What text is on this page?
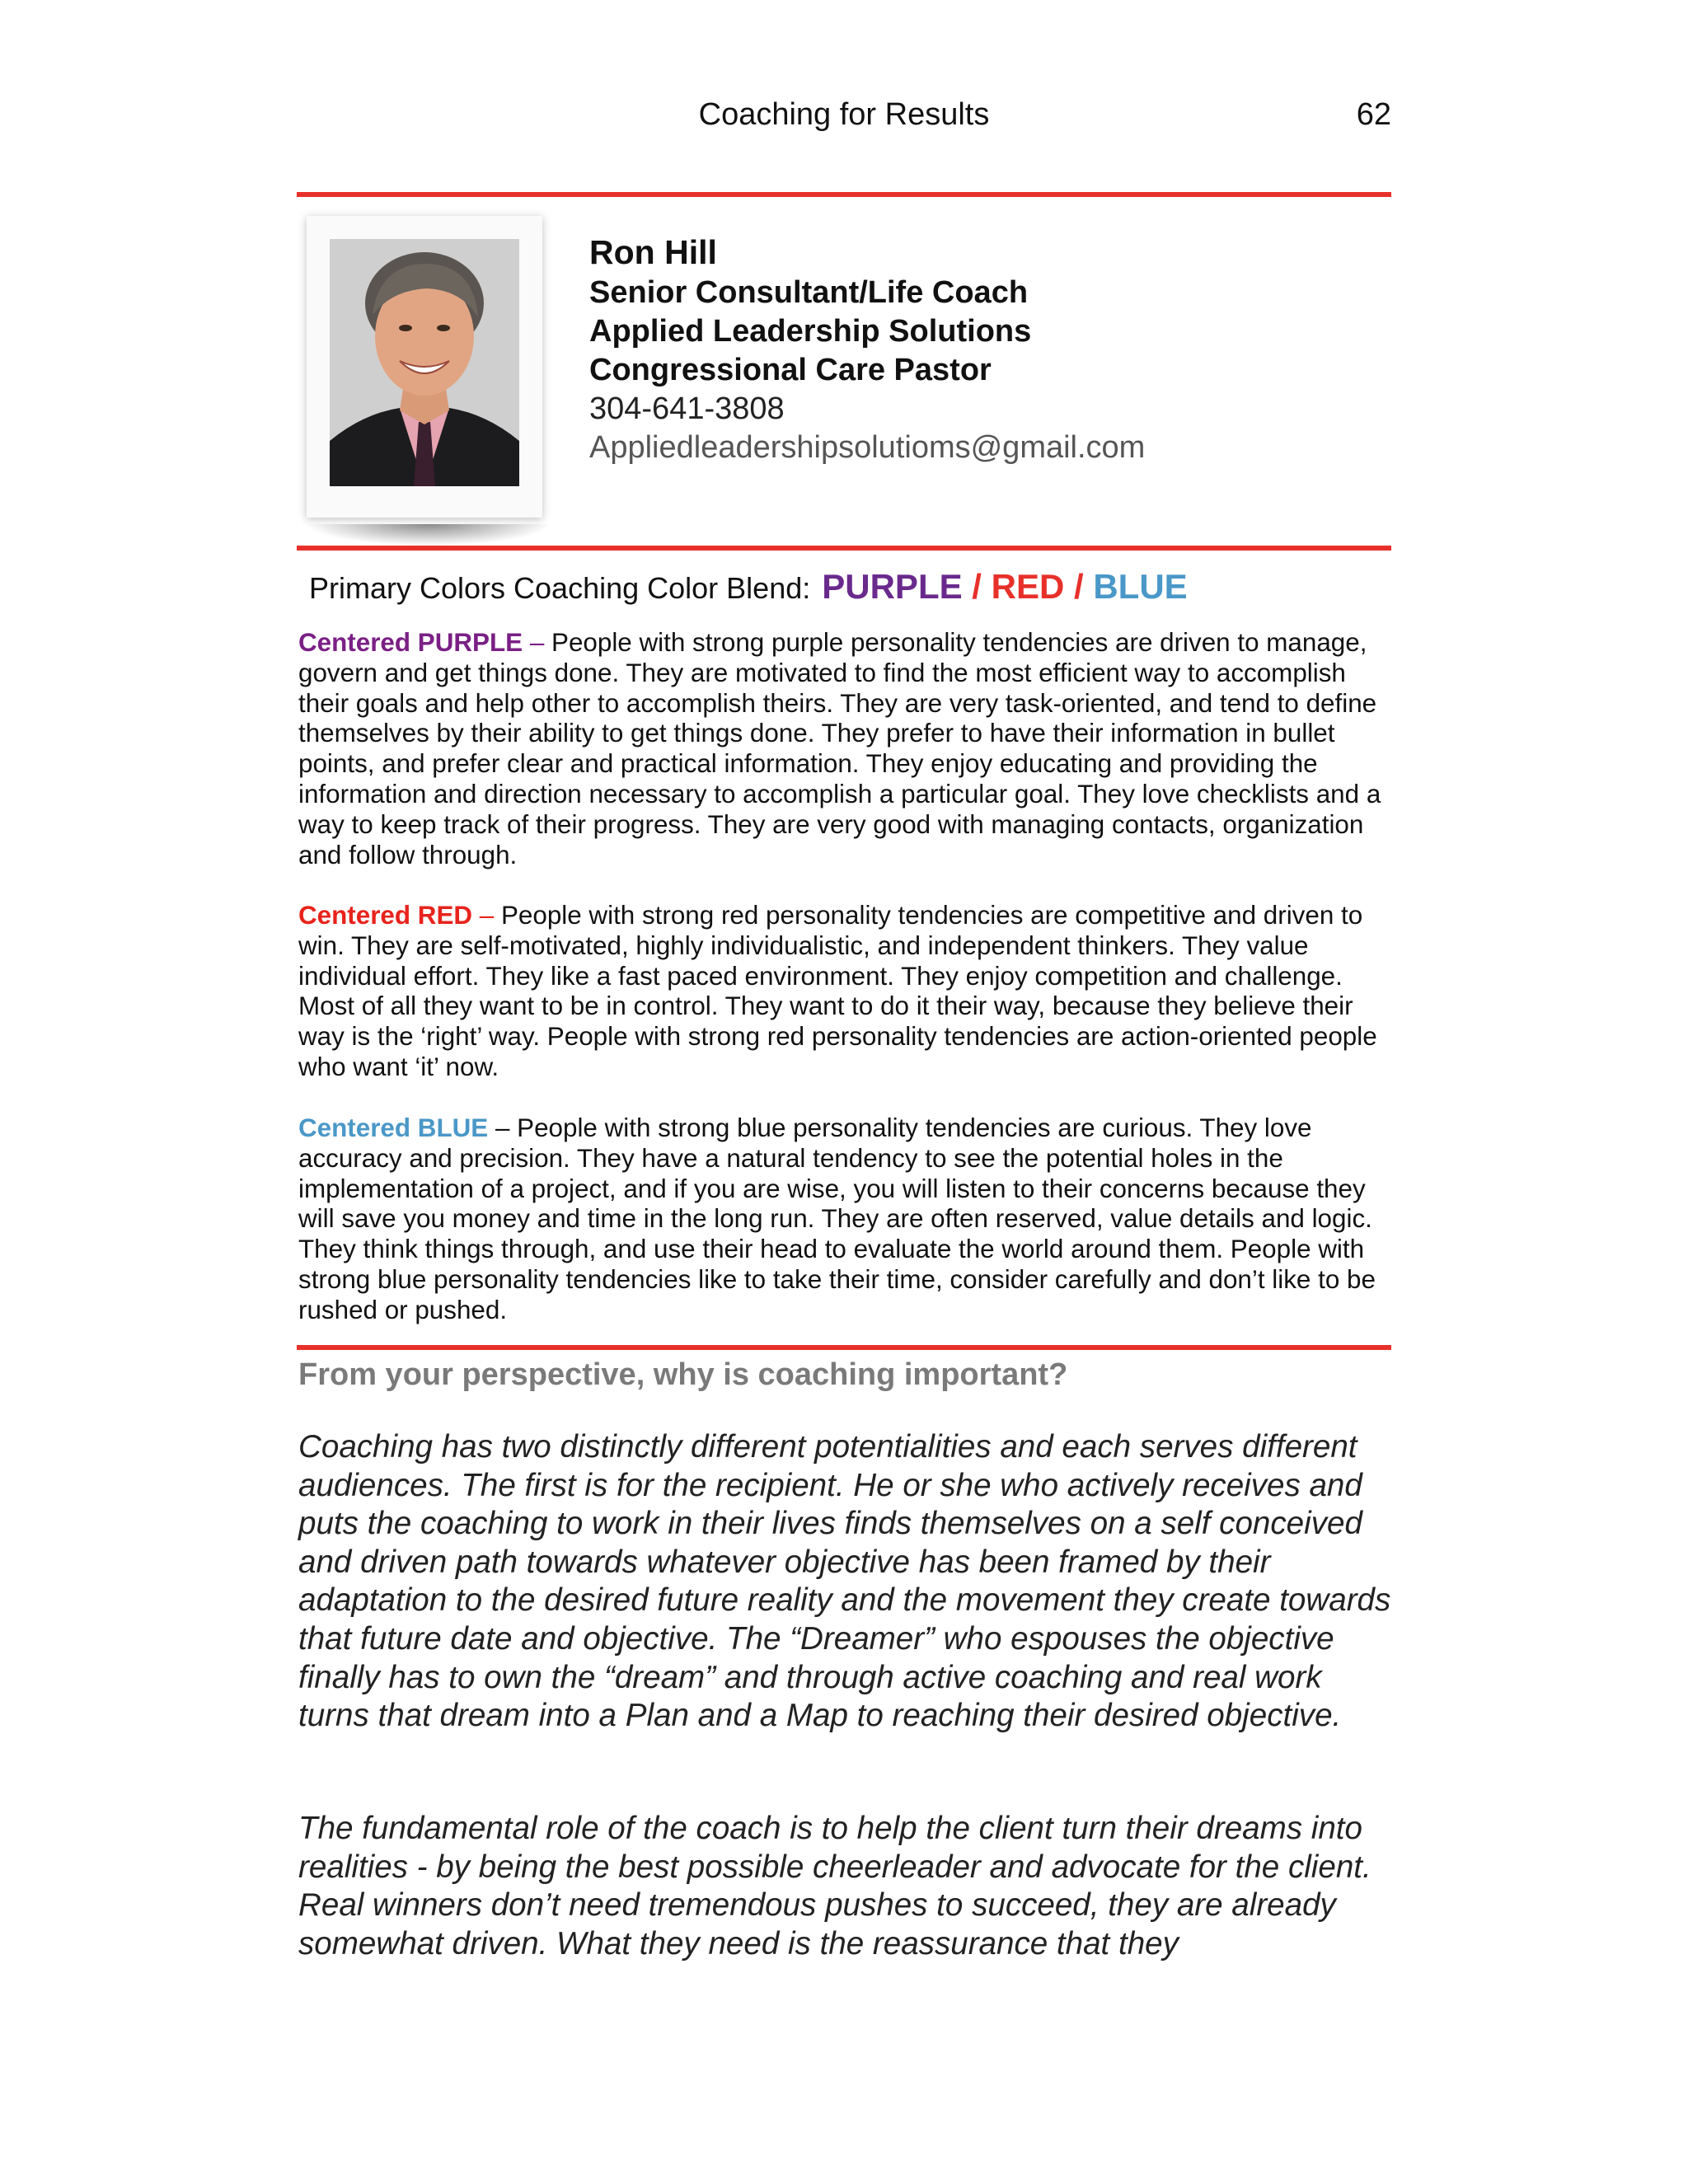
Coaching for Results	62
Ron Hill
Senior Consultant/Life Coach
Applied Leadership Solutions
Congressional Care Pastor
304-641-3808
Appliedleadershipsolutioms@gmail.com
Primary Colors Coaching Color Blend: PURPLE / RED / BLUE
Centered PURPLE – People with strong purple personality tendencies are driven to manage, govern and get things done. They are motivated to find the most efficient way to accomplish their goals and help other to accomplish theirs. They are very task-oriented, and tend to define themselves by their ability to get things done. They prefer to have their information in bullet points, and prefer clear and practical information. They enjoy educating and providing the information and direction necessary to accomplish a particular goal. They love checklists and a way to keep track of their progress. They are very good with managing contacts, organization and follow through.
Centered RED – People with strong red personality tendencies are competitive and driven to win. They are self-motivated, highly individualistic, and independent thinkers. They value individual effort. They like a fast paced environment. They enjoy competition and challenge. Most of all they want to be in control. They want to do it their way, because they believe their way is the ‘right’ way. People with strong red personality tendencies are action-oriented people who want ‘it’ now.
Centered BLUE – People with strong blue personality tendencies are curious. They love accuracy and precision. They have a natural tendency to see the potential holes in the implementation of a project, and if you are wise, you will listen to their concerns because they will save you money and time in the long run. They are often reserved, value details and logic. They think things through, and use their head to evaluate the world around them. People with strong blue personality tendencies like to take their time, consider carefully and don’t like to be rushed or pushed.
From your perspective, why is coaching important?
Coaching has two distinctly different potentialities and each serves different audiences. The first is for the recipient. He or she who actively receives and puts the coaching to work in their lives finds themselves on a self conceived and driven path towards whatever objective has been framed by their adaptation to the desired future reality and the movement they create towards that future date and objective. The “Dreamer” who espouses the objective finally has to own the “dream” and through active coaching and real work turns that dream into a Plan and a Map to reaching their desired objective.
The fundamental role of the coach is to help the client turn their dreams into realities - by being the best possible cheerleader and advocate for the client. Real winners don’t need tremendous pushes to succeed, they are already somewhat driven. What they need is the reassurance that they
